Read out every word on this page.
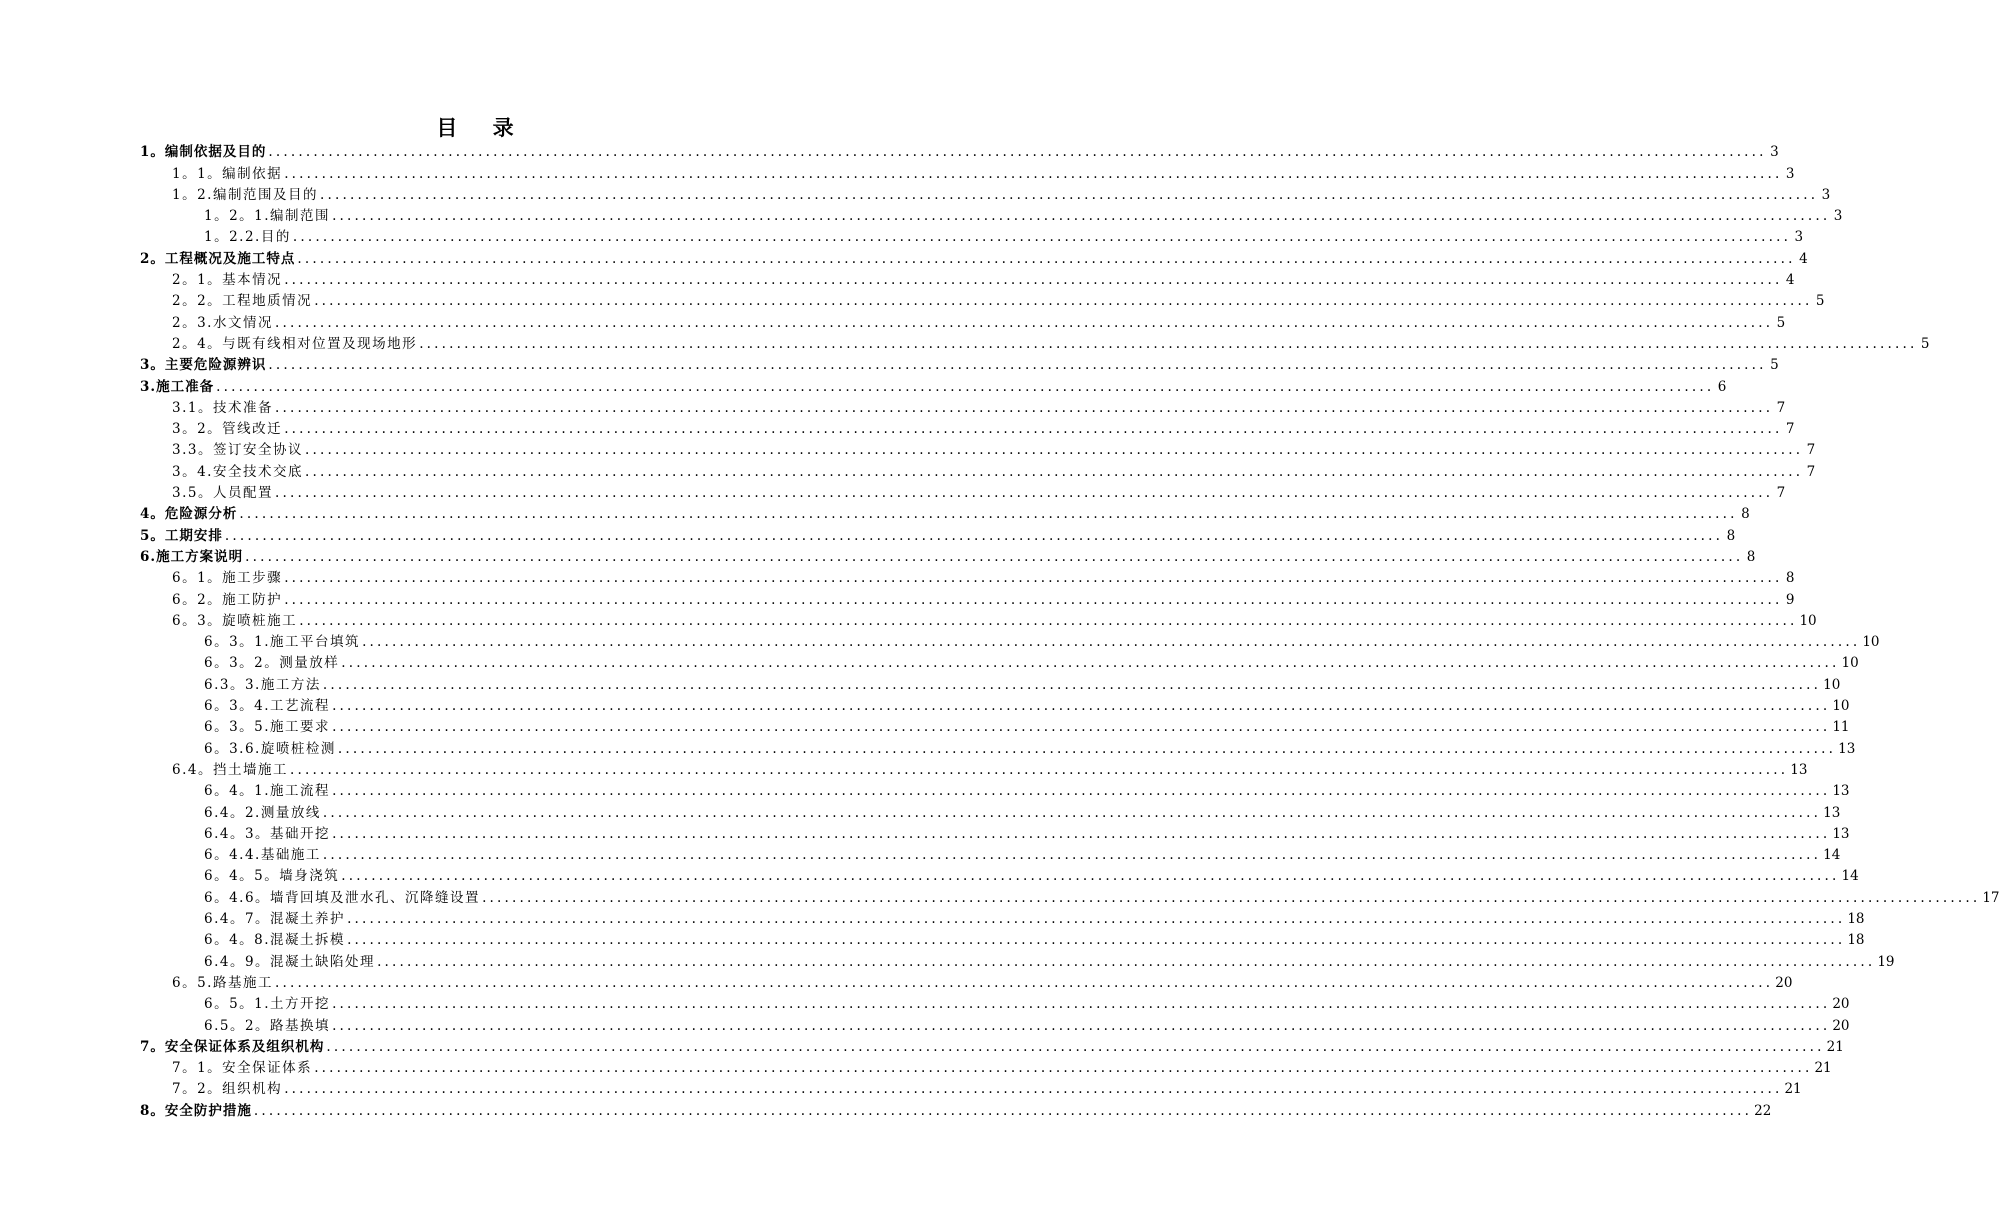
目 录
1。编制依据及目的 ........................................................................................................................................................................................................ 3
1。1。编制依据 ........................................................................................................................................................................................................ 3
1。2.编制范围及目的 ........................................................................................................................................................................................................ 3
1。2。1.编制范围 ........................................................................................................................................................................................................ 3
1。2.2.目的 ........................................................................................................................................................................................................ 3
2。工程概况及施工特点 ........................................................................................................................................................................................................ 4
2。1。基本情况 ........................................................................................................................................................................................................ 4
2。2。工程地质情况 ........................................................................................................................................................................................................ 5
2。3.水文情况 ........................................................................................................................................................................................................ 5
2。4。与既有线相对位置及现场地形 ........................................................................................................................................................................................................ 5
3。主要危险源辨识 ........................................................................................................................................................................................................ 5
3.施工准备 ........................................................................................................................................................................................................ 6
3.1。技术准备 ........................................................................................................................................................................................................ 7
3。2。管线改迁 ........................................................................................................................................................................................................ 7
3.3。签订安全协议 ........................................................................................................................................................................................................ 7
3。4.安全技术交底 ........................................................................................................................................................................................................ 7
3.5。人员配置 ........................................................................................................................................................................................................ 7
4。危险源分析 ........................................................................................................................................................................................................ 8
5。工期安排 ........................................................................................................................................................................................................ 8
6.施工方案说明 ........................................................................................................................................................................................................ 8
6。1。施工步骤 ........................................................................................................................................................................................................ 8
6。2。施工防护 ........................................................................................................................................................................................................ 9
6。3。旋喷桩施工 ........................................................................................................................................................................................................ 10
6。3。1.施工平台填筑 ........................................................................................................................................................................................................ 10
6。3。2。测量放样 ........................................................................................................................................................................................................ 10
6.3。3.施工方法 ........................................................................................................................................................................................................ 10
6。3。4.工艺流程 ........................................................................................................................................................................................................ 10
6。3。5.施工要求 ........................................................................................................................................................................................................ 11
6。3.6.旋喷桩检测 ........................................................................................................................................................................................................ 13
6.4。挡土墙施工 ........................................................................................................................................................................................................ 13
6。4。1.施工流程 ........................................................................................................................................................................................................ 13
6.4。2.测量放线 ........................................................................................................................................................................................................ 13
6.4。3。基础开挖 ........................................................................................................................................................................................................ 13
6。4.4.基础施工 ........................................................................................................................................................................................................ 14
6。4。5。墙身浇筑 ........................................................................................................................................................................................................ 14
6。4.6。墙背回填及泄水孔、沉降缝设置 ........................................................................................................................................................................................................ 17
6.4。7。混凝土养护 ........................................................................................................................................................................................................ 18
6。4。8.混凝土拆模 ........................................................................................................................................................................................................ 18
6.4。9。混凝土缺陷处理 ........................................................................................................................................................................................................ 19
6。5.路基施工 ........................................................................................................................................................................................................ 20
6。5。1.土方开挖 ........................................................................................................................................................................................................ 20
6.5。2。路基换填 ........................................................................................................................................................................................................ 20
7。安全保证体系及组织机构 ........................................................................................................................................................................................................ 21
7。1。安全保证体系 ........................................................................................................................................................................................................ 21
7。2。组织机构 ........................................................................................................................................................................................................ 21
8。安全防护措施 ........................................................................................................................................................................................................ 22
